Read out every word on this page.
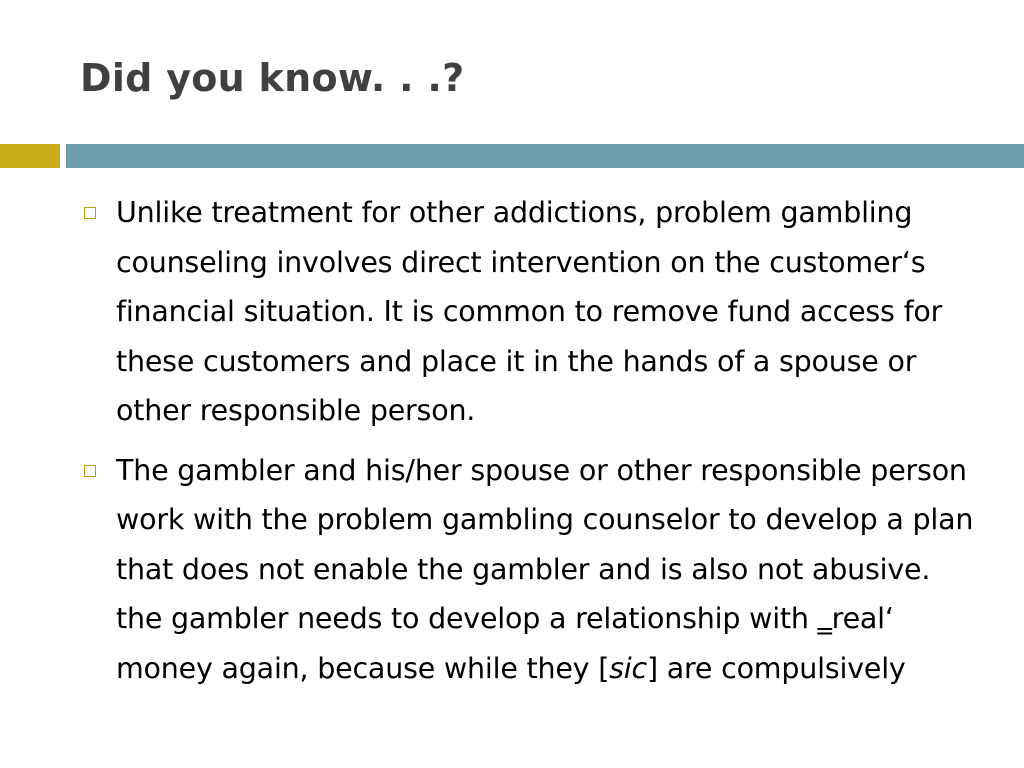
Did you know. . .?
Unlike treatment for other addictions, problem gambling counseling involves direct intervention on the customer‘s financial situation. It is common to remove fund access for these customers and place it in the hands of a spouse or other responsible person.
The gambler and his/her spouse or other responsible person work with the problem gambling counselor to develop a plan that does not enable the gambler and is also not abusive. the gambler needs to develop a relationship with ‗real‘ money again, because while they [sic] are compulsively
